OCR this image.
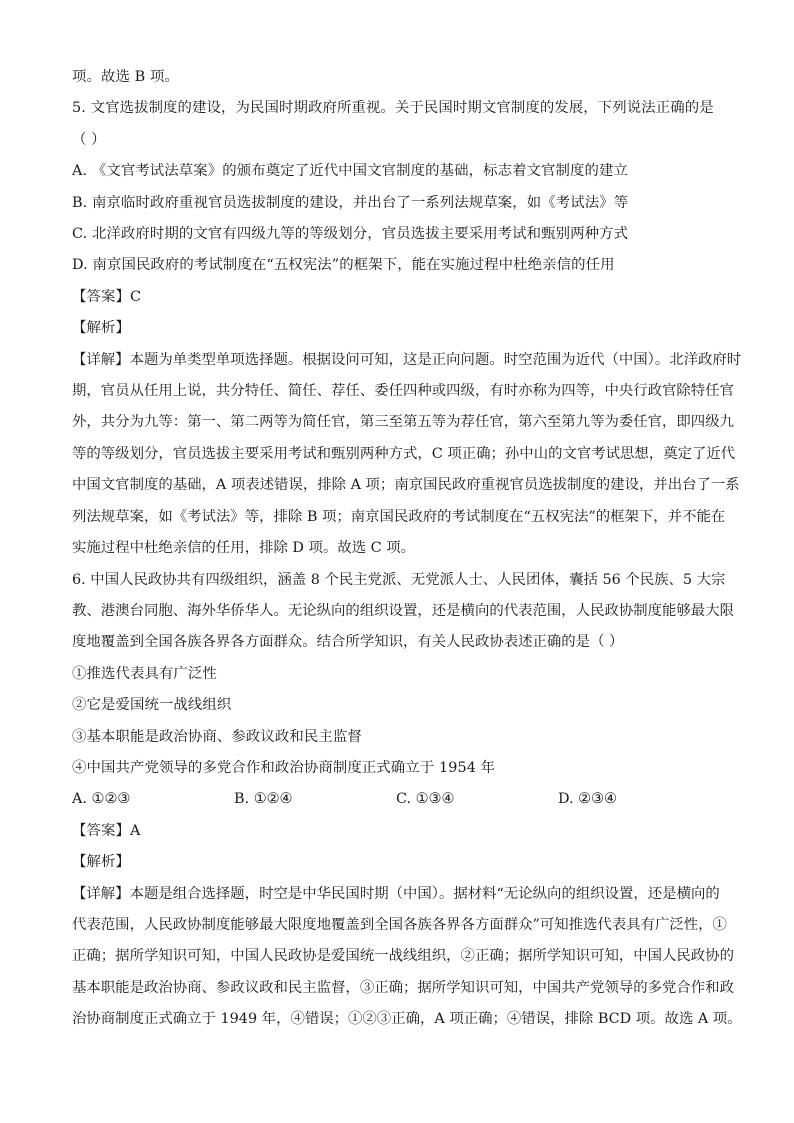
项。故选 B 项。
5. 文官选拔制度的建设，为民国时期政府所重视。关于民国时期文官制度的发展，下列说法正确的是
（ ）
A. 《文官考试法草案》的颁布奠定了近代中国文官制度的基础，标志着文官制度的建立
B. 南京临时政府重视官员选拔制度的建设，并出台了一系列法规草案，如《考试法》等
C. 北洋政府时期的文官有四级九等的等级划分，官员选拔主要采用考试和甄别两种方式
D. 南京国民政府的考试制度在“五权宪法”的框架下，能在实施过程中杜绝亲信的任用
【答案】C
【解析】
【详解】本题为单类型单项选择题。根据设问可知，这是正向问题。时空范围为近代（中国）。北洋政府时
期，官员从任用上说，共分特任、简任、荐任、委任四种或四级，有时亦称为四等，中央行政官除特任官
外，共分为九等：第一、第二两等为简任官，第三至第五等为荐任官，第六至第九等为委任官，即四级九
等的等级划分，官员选拔主要采用考试和甄别两种方式，C 项正确；孙中山的文官考试思想，奠定了近代
中国文官制度的基础，A 项表述错误，排除 A 项；南京国民政府重视官员选拔制度的建设，并出台了一系
列法规草案，如《考试法》等，排除 B 项；南京国民政府的考试制度在“五权宪法”的框架下，并不能在
实施过程中杜绝亲信的任用，排除 D 项。故选 C 项。
6. 中国人民政协共有四级组织，涵盖 8 个民主党派、无党派人士、人民团体，囊括 56 个民族、5 大宗
教、港澳台同胞、海外华侨华人。无论纵向的组织设置，还是横向的代表范围，人民政协制度能够最大限
度地覆盖到全国各族各界各方面群众。结合所学知识，有关人民政协表述正确的是（ ）
①推选代表具有广泛性
②它是爱国统一战线组织
③基本职能是政治协商、参政议政和民主监督
④中国共产党领导的多党合作和政治协商制度正式确立于 1954 年
A. ①②③	B. ①②④	C. ①③④	D. ②③④
【答案】A
【解析】
【详解】本题是组合选择题，时空是中华民国时期（中国）。据材料“无论纵向的组织设置，还是横向的
代表范围，人民政协制度能够最大限度地覆盖到全国各族各界各方面群众”可知推选代表具有广泛性，①
正确；据所学知识可知，中国人民政协是爱国统一战线组织，②正确；据所学知识可知，中国人民政协的
基本职能是政治协商、参政议政和民主监督，③正确；据所学知识可知，中国共产党领导的多党合作和政
治协商制度正式确立于 1949 年，④错误；①②③正确，A 项正确；④错误，排除 BCD 项。故选 A 项。
